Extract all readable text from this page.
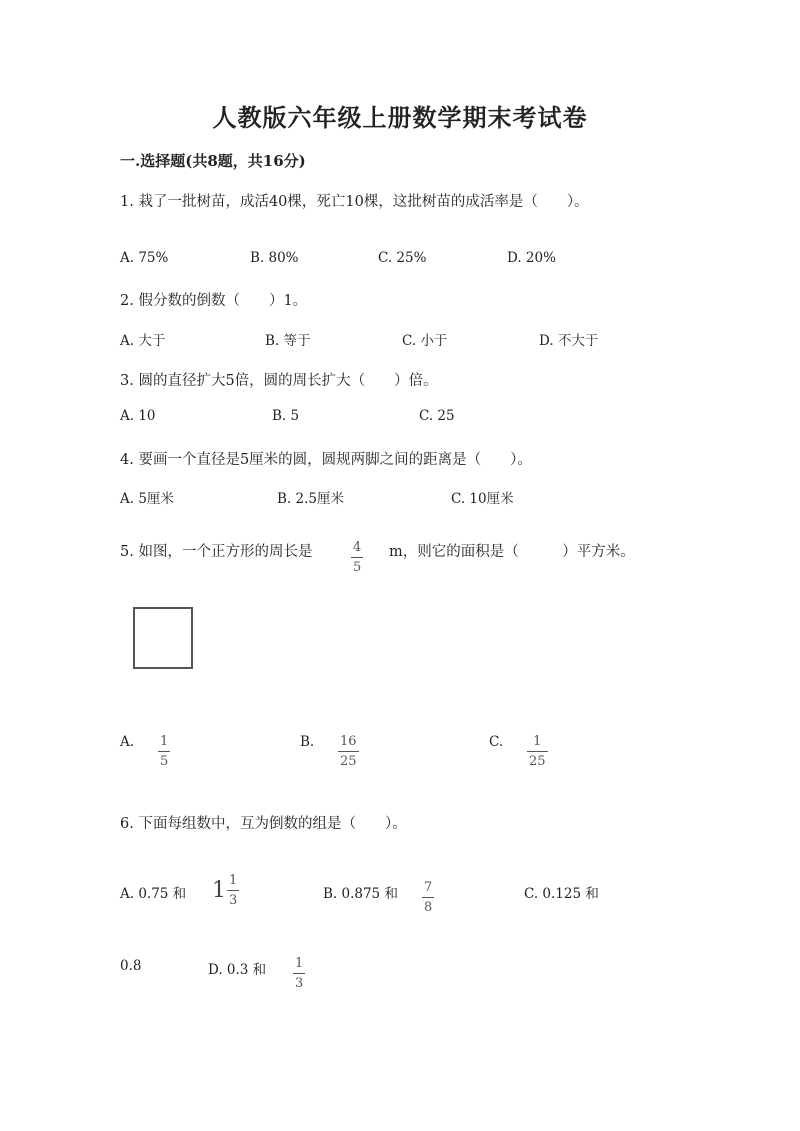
人教版六年级上册数学期末考试卷
一.选择题(共8题，共16分)
1. 栽了一批树苗，成活40棵，死亡10棵，这批树苗的成活率是（　　）。
A. 75%	B. 80%	C. 25%	D. 20%
2. 假分数的倒数（　　）1。
A. 大于	B. 等于	C. 小于	D. 不大于
3. 圆的直径扩大5倍，圆的周长扩大（　　）倍。
A. 10	B. 5	C. 25
4. 要画一个直径是5厘米的圆，圆规两脚之间的距离是（　　）。
A. 5厘米	B. 2.5厘米	C. 10厘米
5. 如图，一个正方形的周长是	$\frac{4}{5}$ m，则它的面积是（　　　）平方米。
A. $\frac{1}{5}$	B. $\frac{16}{25}$	C. $\frac{1}{25}$
6. 下面每组数中，互为倒数的组是（　　）。
A. 0.75 和 $1 \frac{1}{3}$	B. 0.875 和 $\frac{7}{8}$	C. 0.125 和
0.8	D. 0.3 和 $\frac{1}{3}$
